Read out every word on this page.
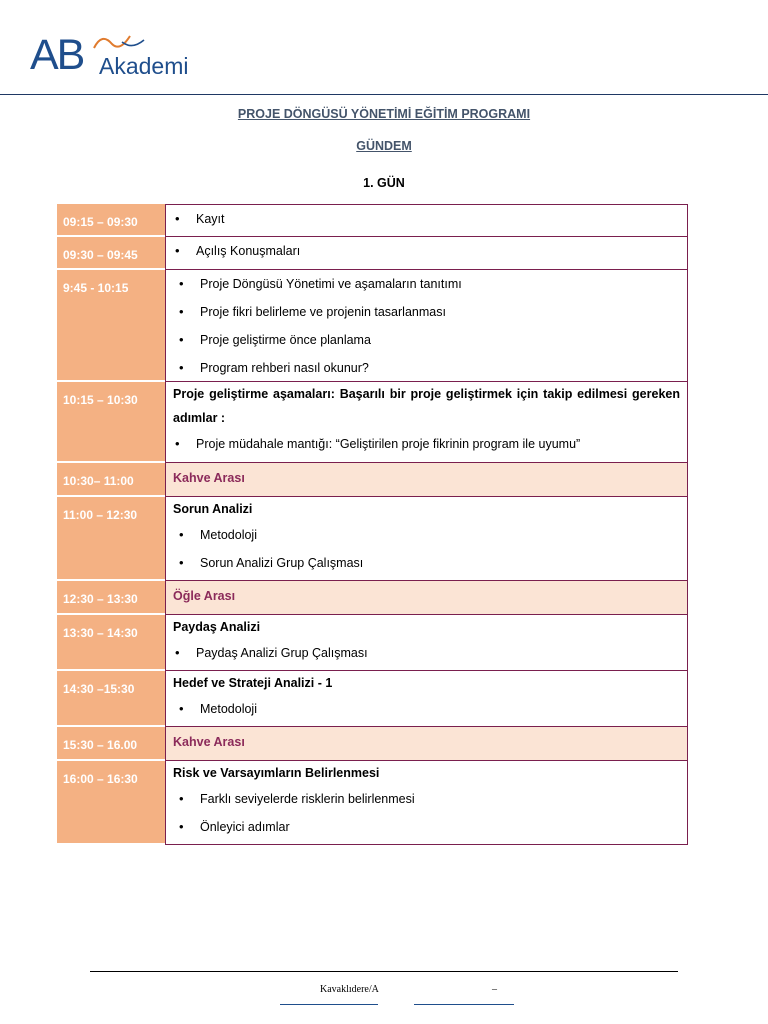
AB Akademi
PROJE DÖNGÜSÜ YÖNETİMİ EĞİTİM PROGRAMI
GÜNDEM
1. GÜN
09:15 – 09:30	• Kayıt
09:30 – 09:45	• Açılış Konuşmaları
9:45 - 10:15	• Proje Döngüsü Yönetimi ve aşamaların tanıtımı
• Proje fikri belirleme ve projenin tasarlanması
• Proje geliştirme önce planlama
• Program rehberi nasıl okunur?
10:15 – 10:30	Proje geliştirme aşamaları: Başarılı bir proje geliştirmek için takip edilmesi gereken adımlar :
• Proje müdahale mantığı: “Geliştirilen proje fikrinin program ile uyumu”
10:30– 11:00	Kahve Arası
11:00 – 12:30	Sorun Analizi
• Metodoloji
• Sorun Analizi Grup Çalışması
12:30 – 13:30	Öğle Arası
13:30 – 14:30	Paydaş Analizi
• Paydaş Analizi Grup Çalışması
14:30 –15:30	Hedef ve Strateji Analizi - 1
• Metodoloji
15:30 – 16.00	Kahve Arası
16:00 – 16:30	Risk ve Varsayımların Belirlenmesi
• Farklı seviyelerde risklerin belirlenmesi
• Önleyici adımlar
Kavaklıdere/A	–
